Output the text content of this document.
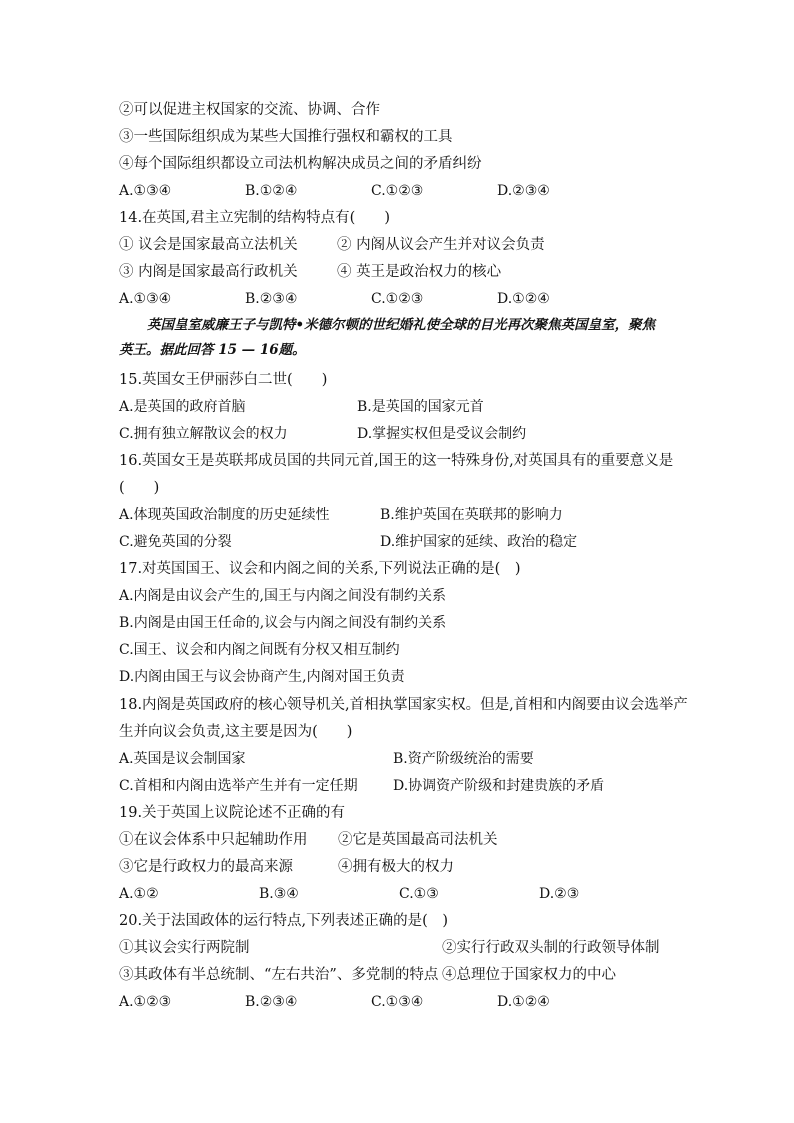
②可以促进主权国家的交流、协调、合作
③一些国际组织成为某些大国推行强权和霸权的工具
④每个国际组织都设立司法机构解决成员之间的矛盾纠纷
A.①③④	B.①②④	C.①②③	D.②③④
14.在英国,君主立宪制的结构特点有(　　)
① 议会是国家最高立法机关	② 内阁从议会产生并对议会负责
③ 内阁是国家最高行政机关	④ 英王是政治权力的核心
A.①③④	B.②③④	C.①②③	D.①②④
英国皇室威廉王子与凯特•米德尔顿的世纪婚礼使全球的目光再次聚焦英国皇室，聚焦
英王。据此回答 15 — 16题。
15.英国女王伊丽莎白二世(　　)
A.是英国的政府首脑	B.是英国的国家元首
C.拥有独立解散议会的权力	D.掌握实权但是受议会制约
16.英国女王是英联邦成员国的共同元首,国王的这一特殊身份,对英国具有的重要意义是
(　　)
A.体现英国政治制度的历史延续性	B.维护英国在英联邦的影响力
C.避免英国的分裂	D.维护国家的延续、政治的稳定
17.对英国国王、议会和内阁之间的关系,下列说法正确的是(　)
A.内阁是由议会产生的,国王与内阁之间没有制约关系
B.内阁是由国王任命的,议会与内阁之间没有制约关系
C.国王、议会和内阁之间既有分权又相互制约
D.内阁由国王与议会协商产生,内阁对国王负责
18.内阁是英国政府的核心领导机关,首相执掌国家实权。但是,首相和内阁要由议会选举产
生并向议会负责,这主要是因为(　　)
A.英国是议会制国家	B.资产阶级统治的需要
C.首相和内阁由选举产生并有一定任期	D.协调资产阶级和封建贵族的矛盾
19.关于英国上议院论述不正确的有
①在议会体系中只起辅助作用 ②它是英国最高司法机关
③它是行政权力的最高来源	④拥有极大的权力
A.①②	B.③④	C.①③	D.②③
20.关于法国政体的运行特点,下列表述正确的是(　)
①其议会实行两院制	②实行行政双头制的行政领导体制
③其政体有半总统制、“左右共治”、多党制的特点 ④总理位于国家权力的中心
A.①②③	B.②③④	C.①③④	D.①②④
